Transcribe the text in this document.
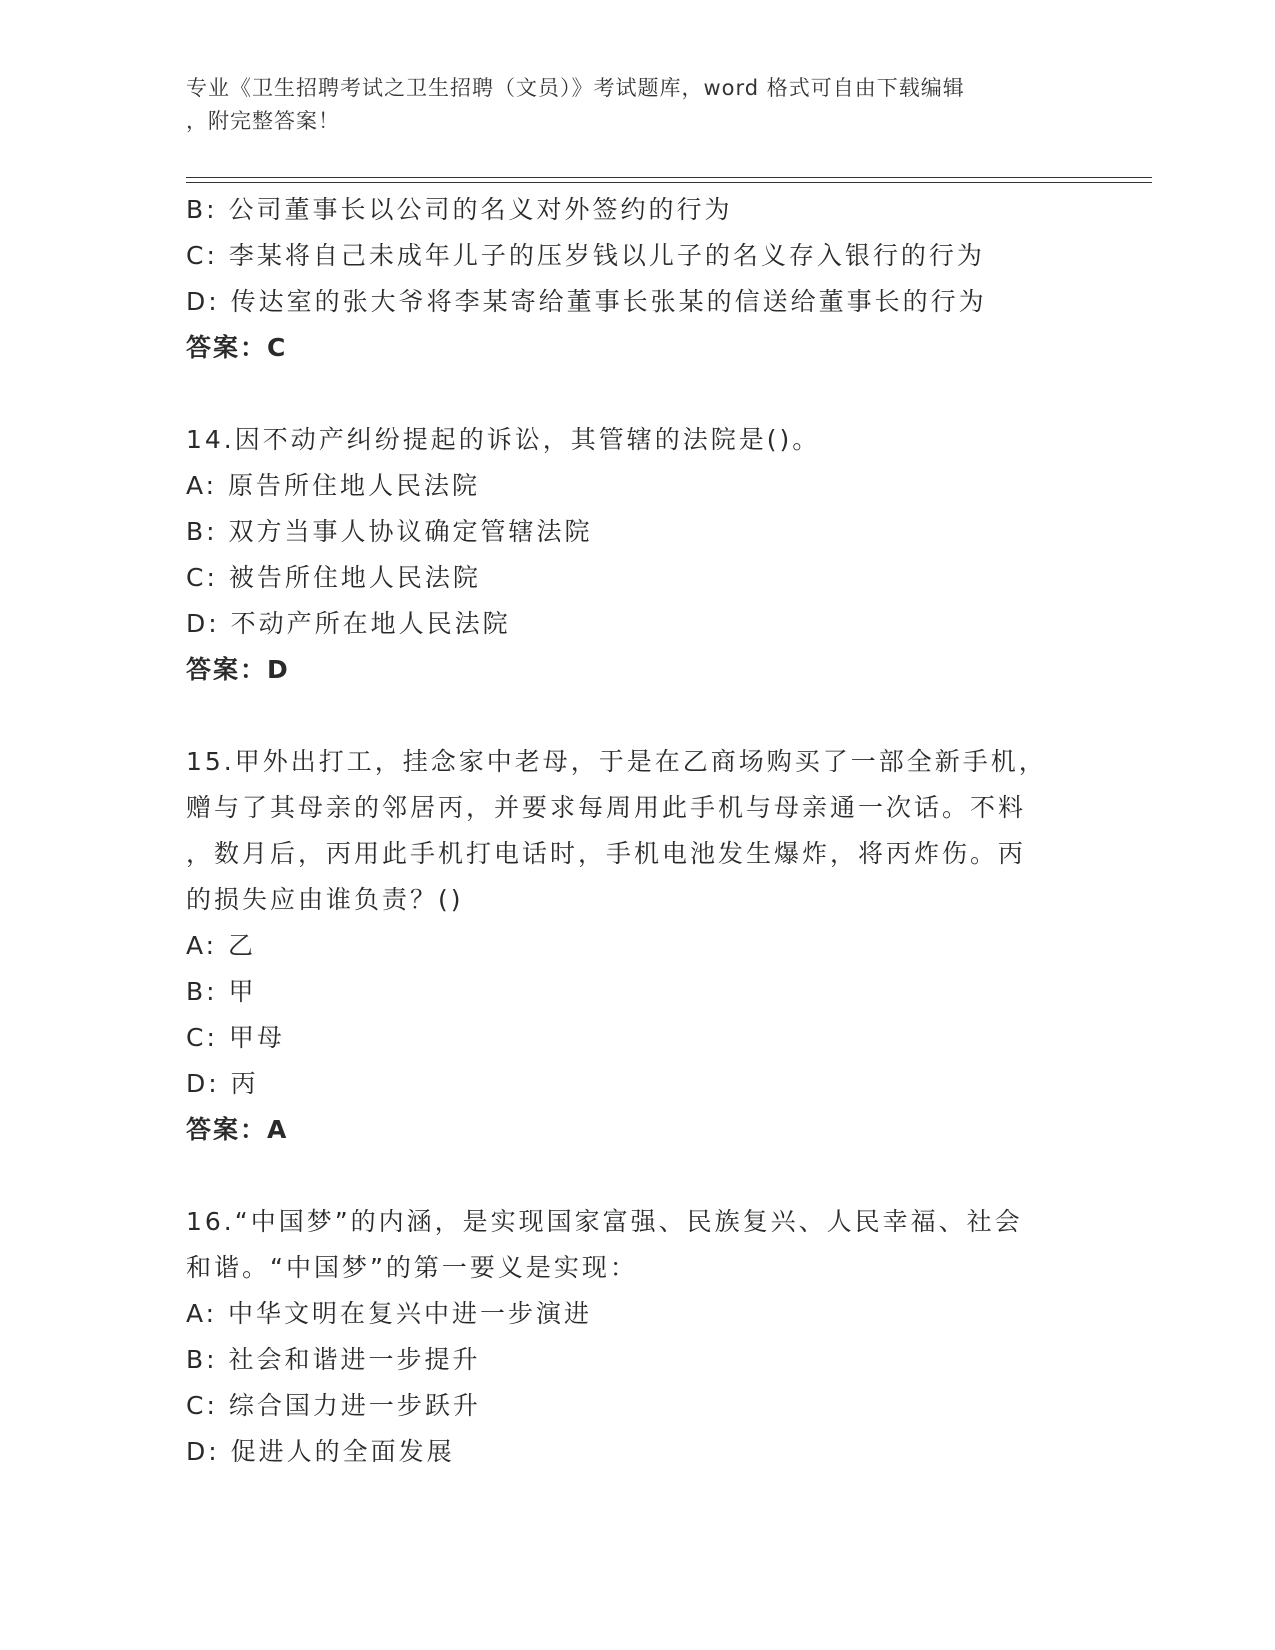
专业《卫生招聘考试之卫生招聘（文员）》考试题库，word 格式可自由下载编辑
，附完整答案！
B: 公司董事长以公司的名义对外签约的行为
C: 李某将自己未成年儿子的压岁钱以儿子的名义存入银行的行为
D: 传达室的张大爷将李某寄给董事长张某的信送给董事长的行为
答案：C
14.因不动产纠纷提起的诉讼，其管辖的法院是()。
A: 原告所住地人民法院
B: 双方当事人协议确定管辖法院
C: 被告所住地人民法院
D: 不动产所在地人民法院
答案：D
15.甲外出打工，挂念家中老母，于是在乙商场购买了一部全新手机，
赠与了其母亲的邻居丙，并要求每周用此手机与母亲通一次话。不料
，数月后，丙用此手机打电话时，手机电池发生爆炸，将丙炸伤。丙
的损失应由谁负责？()
A: 乙
B: 甲
C: 甲母
D: 丙
答案：A
16.“中国梦”的内涵，是实现国家富强、民族复兴、人民幸福、社会
和谐。“中国梦”的第一要义是实现：
A: 中华文明在复兴中进一步演进
B: 社会和谐进一步提升
C: 综合国力进一步跃升
D: 促进人的全面发展
